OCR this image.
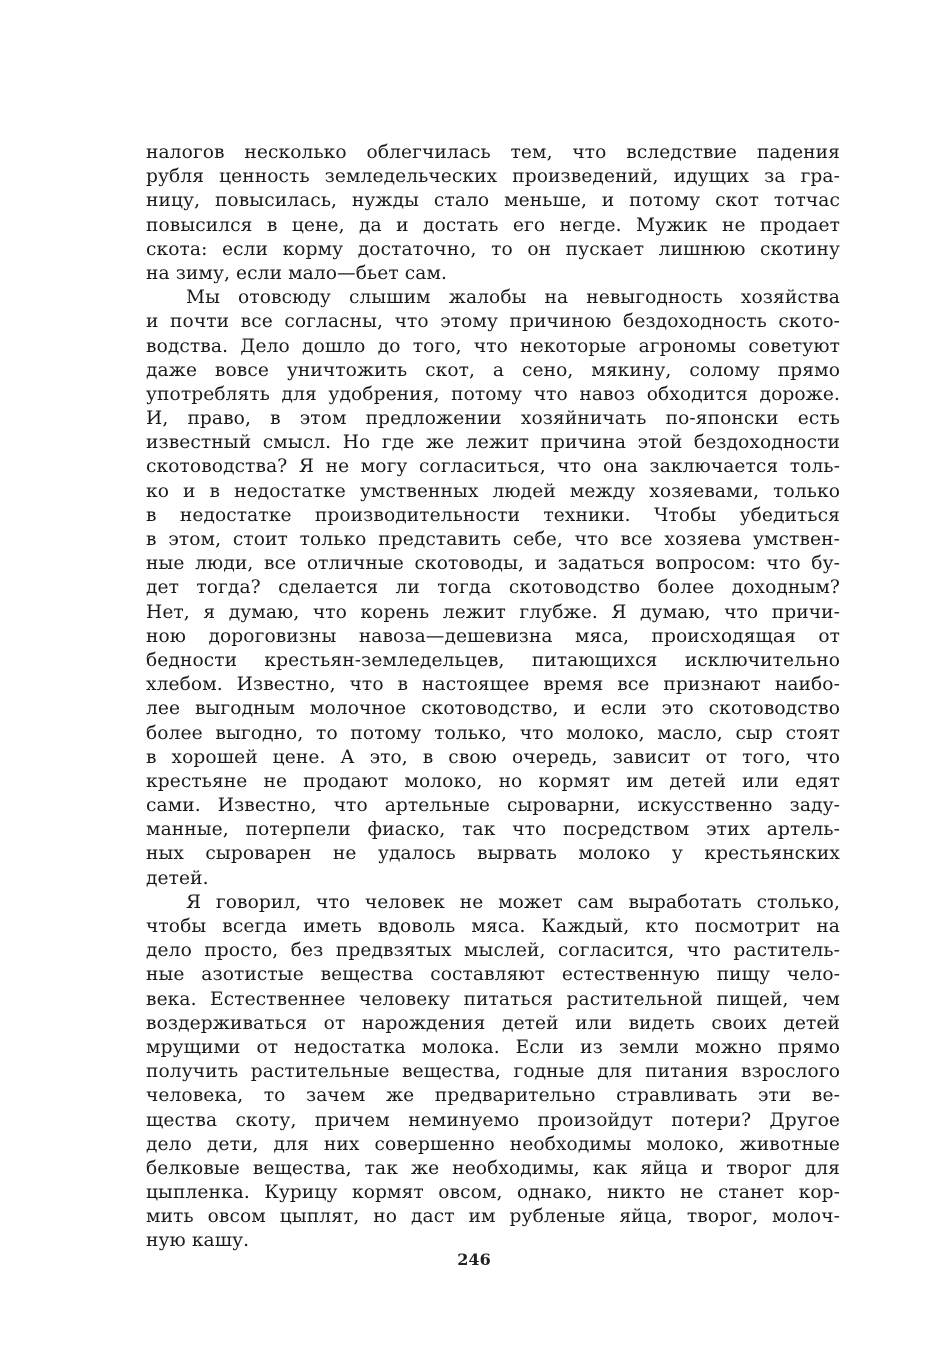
налогов несколько облегчилась тем, что вследствие падения
рубля ценность земледельческих произведений, идущих за гра-
ницу, повысилась, нужды стало меньше, и потому скот тотчас
повысился в цене, да и достать его негде. Мужик не продает
скота: если корму достаточно, то он пускает лишнюю скотину
на зиму, если мало—бьет сам.
Мы отовсюду слышим жалобы на невыгодность хозяйства
и почти все согласны, что этому причиною бездоходность ското-
водства. Дело дошло до того, что некоторые агрономы советуют
даже вовсе уничтожить скот, а сено, мякину, солому прямо
употреблять для удобрения, потому что навоз обходится дороже.
И, право, в этом предложении хозяйничать по-японски есть
известный смысл. Но где же лежит причина этой бездоходности
скотоводства? Я не могу согласиться, что она заключается толь-
ко и в недостатке умственных людей между хозяевами, только
в недостатке производительности техники. Чтобы убедиться
в этом, стоит только представить себе, что все хозяева умствен-
ные люди, все отличные скотоводы, и задаться вопросом: что бу-
дет тогда? сделается ли тогда скотоводство более доходным?
Нет, я думаю, что корень лежит глубже. Я думаю, что причи-
ною дороговизны навоза—дешевизна мяса, происходящая от
бедности крестьян-земледельцев, питающихся исключительно
хлебом. Известно, что в настоящее время все признают наибо-
лее выгодным молочное скотоводство, и если это скотоводство
более выгодно, то потому только, что молоко, масло, сыр стоят
в хорошей цене. А это, в свою очередь, зависит от того, что
крестьяне не продают молоко, но кормят им детей или едят
сами. Известно, что артельные сыроварни, искусственно заду-
манные, потерпели фиаско, так что посредством этих артель-
ных сыроварен не удалось вырвать молоко у крестьянских
детей.
Я говорил, что человек не может сам выработать столько,
чтобы всегда иметь вдоволь мяса. Каждый, кто посмотрит на
дело просто, без предвзятых мыслей, согласится, что раститель-
ные азотистые вещества составляют естественную пищу чело-
века. Естественнее человеку питаться растительной пищей, чем
воздерживаться от нарождения детей или видеть своих детей
мрущими от недостатка молока. Если из земли можно прямо
получить растительные вещества, годные для питания взрослого
человека, то зачем же предварительно стравливать эти ве-
щества скоту, причем неминуемо произойдут потери? Другое
дело дети, для них совершенно необходимы молоко, животные
белковые вещества, так же необходимы, как яйца и творог для
цыпленка. Курицу кормят овсом, однако, никто не станет кор-
мить овсом цыплят, но даст им рубленые яйца, творог, молоч-
ную кашу.
246
